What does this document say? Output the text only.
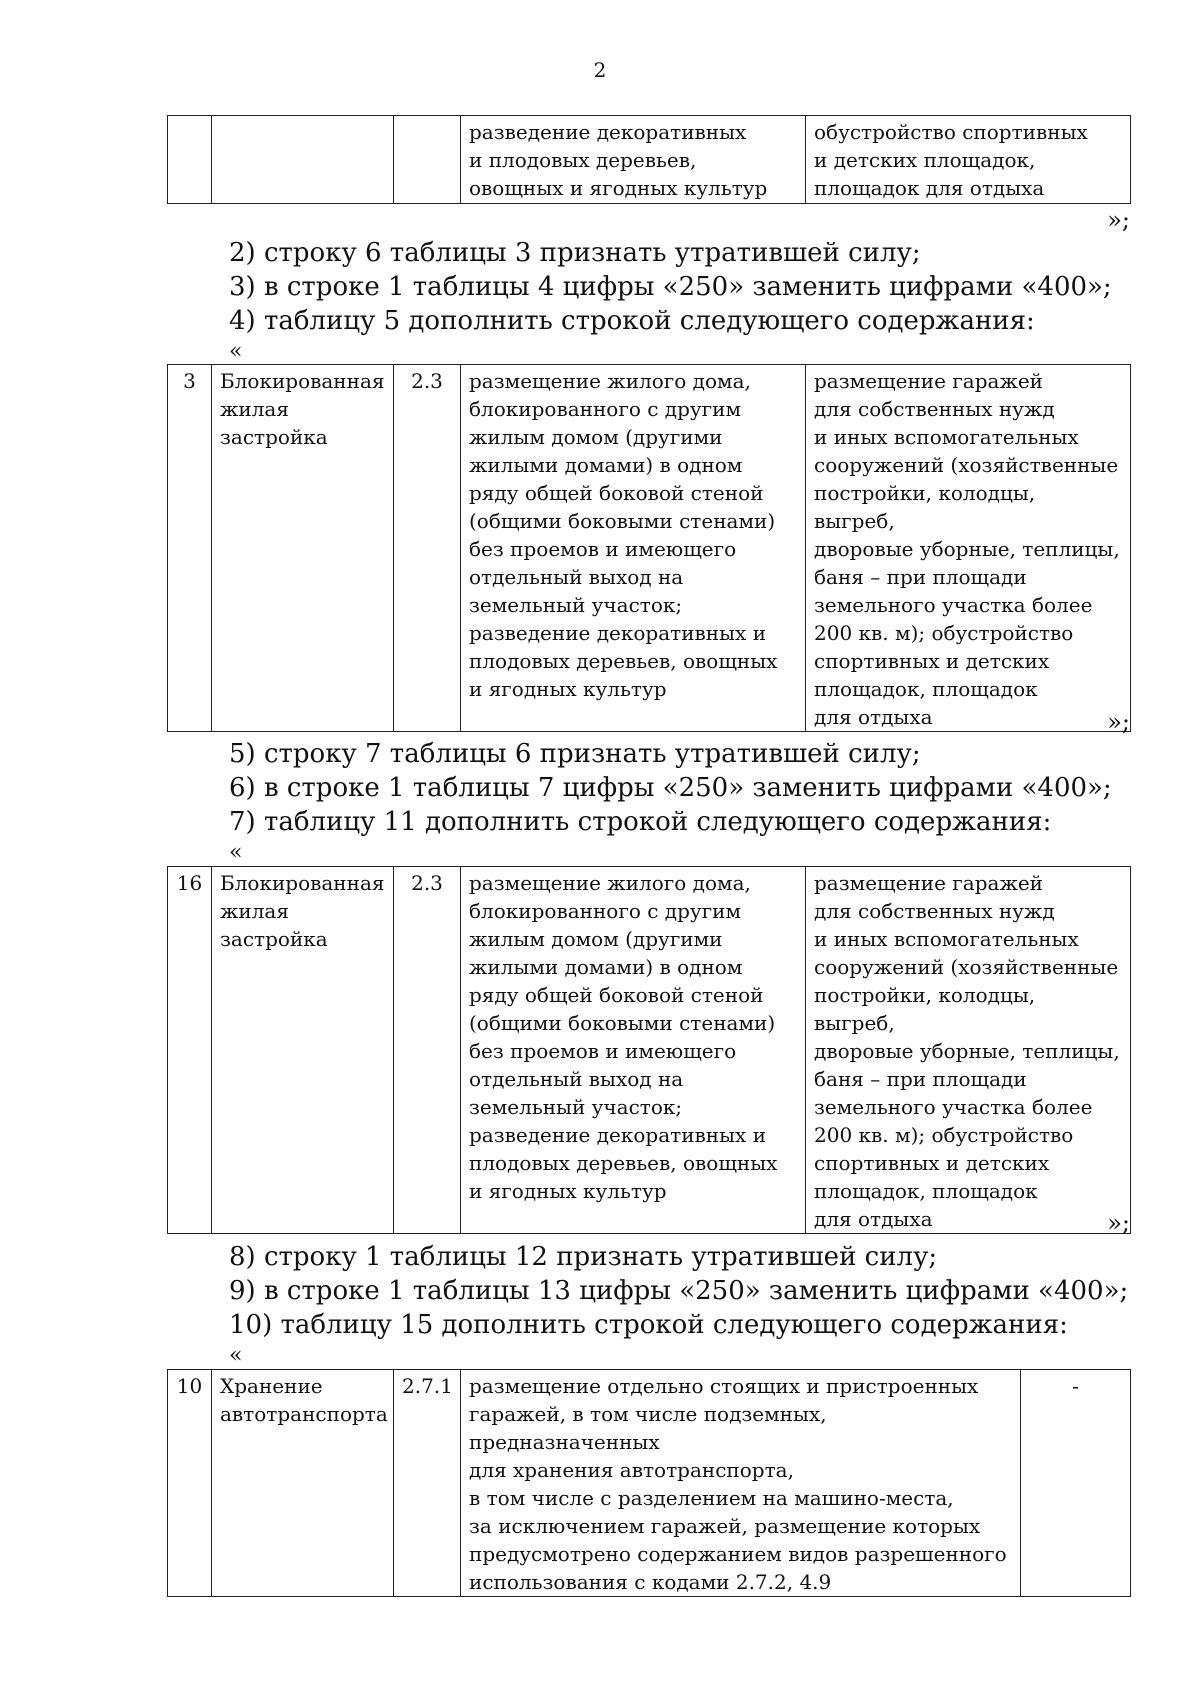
2
			разведение декоративных
и плодовых деревьев,
овощных и ягодных культур	обустройство спортивных
и детских площадок,
площадок для отдыха
»;
2) строку 6 таблицы 3 признать утратившей силу;
3) в строке 1 таблицы 4 цифры «250» заменить цифрами «400»;
4) таблицу 5 дополнить строкой следующего содержания:
«
3	Блокированная
жилая
застройка	2.3	размещение жилого дома,
блокированного с другим
жилым домом (другими
жилыми домами) в одном
ряду общей боковой стеной
(общими боковыми стенами)
без проемов и имеющего
отдельный выход на
земельный участок;
разведение декоративных и
плодовых деревьев, овощных
и ягодных культур	размещение гаражей
для собственных нужд
и иных вспомогательных
сооружений (хозяйственные
постройки, колодцы, выгреб,
дворовые уборные, теплицы,
баня – при площади
земельного участка более
200 кв. м); обустройство
спортивных и детских
площадок, площадок
для отдыха	»;
5) строку 7 таблицы 6 признать утратившей силу;
6) в строке 1 таблицы 7 цифры «250» заменить цифрами «400»;
7) таблицу 11 дополнить строкой следующего содержания:
«
16	Блокированная
жилая
застройка	2.3	размещение жилого дома,
блокированного с другим
жилым домом (другими
жилыми домами) в одном
ряду общей боковой стеной
(общими боковыми стенами)
без проемов и имеющего
отдельный выход на
земельный участок;
разведение декоративных и
плодовых деревьев, овощных
и ягодных культур	размещение гаражей
для собственных нужд
и иных вспомогательных
сооружений (хозяйственные
постройки, колодцы, выгреб,
дворовые уборные, теплицы,
баня – при площади
земельного участка более
200 кв. м); обустройство
спортивных и детских
площадок, площадок
для отдыха	»;
8) строку 1 таблицы 12 признать утратившей силу;
9) в строке 1 таблицы 13 цифры «250» заменить цифрами «400»;
10) таблицу 15 дополнить строкой следующего содержания:
«
10	Хранение
автотранспорта	2.7.1	размещение отдельно стоящих и пристроенных
гаражей, в том числе подземных, предназначенных
для хранения автотранспорта,
в том числе с разделением на машино-места,
за исключением гаражей, размещение которых
предусмотрено содержанием видов разрешенного
использования с кодами 2.7.2, 4.9	-
